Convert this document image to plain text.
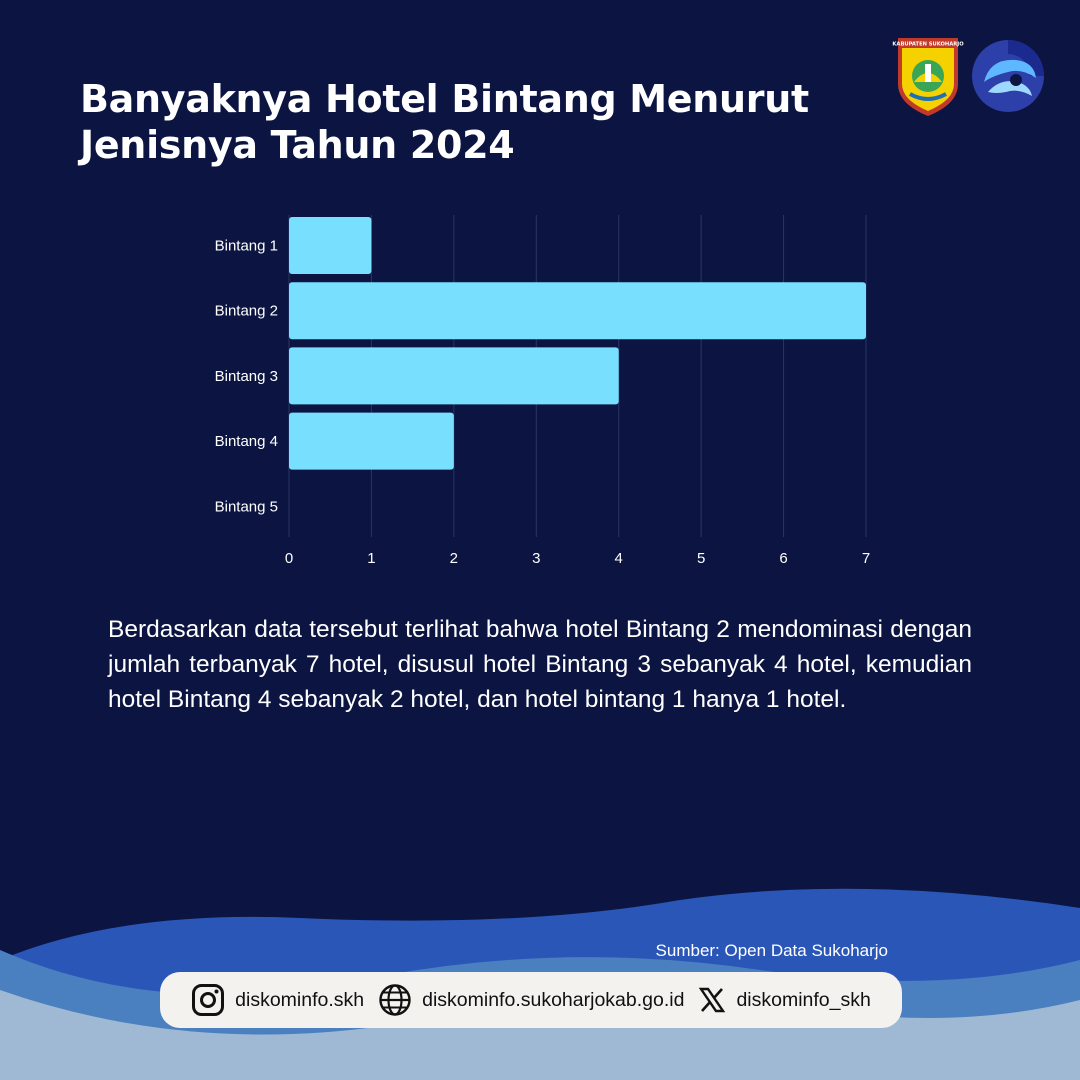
Banyaknya Hotel Bintang Menurut Jenisnya Tahun 2024
KABUPATEN SUKOHARJO
0	1	2	3	4	5	6	7
Bintang 1
Bintang 2
Bintang 3
Bintang 4
Bintang 5

Berdasarkan data tersebut terlihat bahwa hotel Bintang 2 mendominasi dengan jumlah terbanyak 7 hotel, disusul hotel Bintang 3 sebanyak 4 hotel, kemudian hotel Bintang 4 sebanyak 2 hotel, dan hotel bintang 1 hanya 1 hotel.

Sumber: Open Data Sukoharjo
diskominfo.skh	diskominfo.sukoharjokab.go.id	diskominfo_skh
